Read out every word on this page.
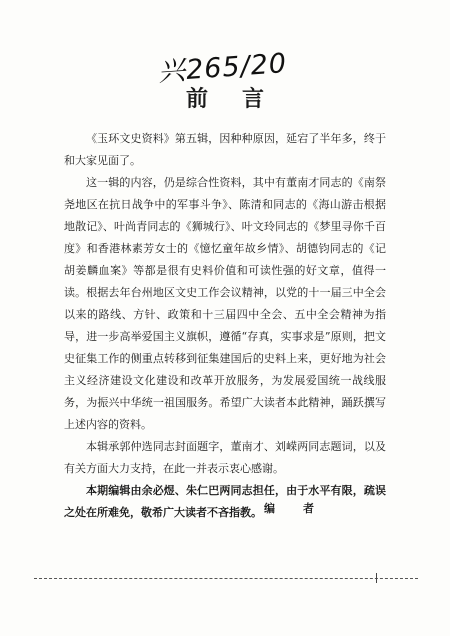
兴265/20
前 言

《玉环文史资料》第五辑，因种种原因，延宕了半年多，终于和大家见面了。

这一辑的内容，仍是综合性资料，其中有董南才同志的《南祭尧地区在抗日战争中的军事斗争》、陈清和同志的《海山游击根据地散记》、叶尚青同志的《狮城行》、叶文玲同志的《梦里寻你千百度》和香港林素芳女士的《憶忆童年故乡情》、胡德钧同志的《记胡姜麟血案》等都是很有史料价值和可读性强的好文章，值得一读。根据去年台州地区文史工作会议精神，以党的十一届三中全会以来的路线、方针、政策和十三届四中全会、五中全会精神为指导，进一步高举爱国主义旗帜，遵循“存真，实事求是”原则，把文史征集工作的侧重点转移到征集建国后的史料上来，更好地为社会主义经济建设文化建设和改革开放服务，为发展爱国统一战线服务，为振兴中华统一祖国服务。希望广大读者本此精神，踊跃撰写上述内容的资料。

本辑承郭仲选同志封面题字，董南才、刘嵘两同志题词，以及有关方面大力支持，在此一并表示衷心感谢。

本期编辑由余必煜、朱仁巴两同志担任，由于水平有限，疏误之处在所难免，敬希广大读者不吝指教。 编者
